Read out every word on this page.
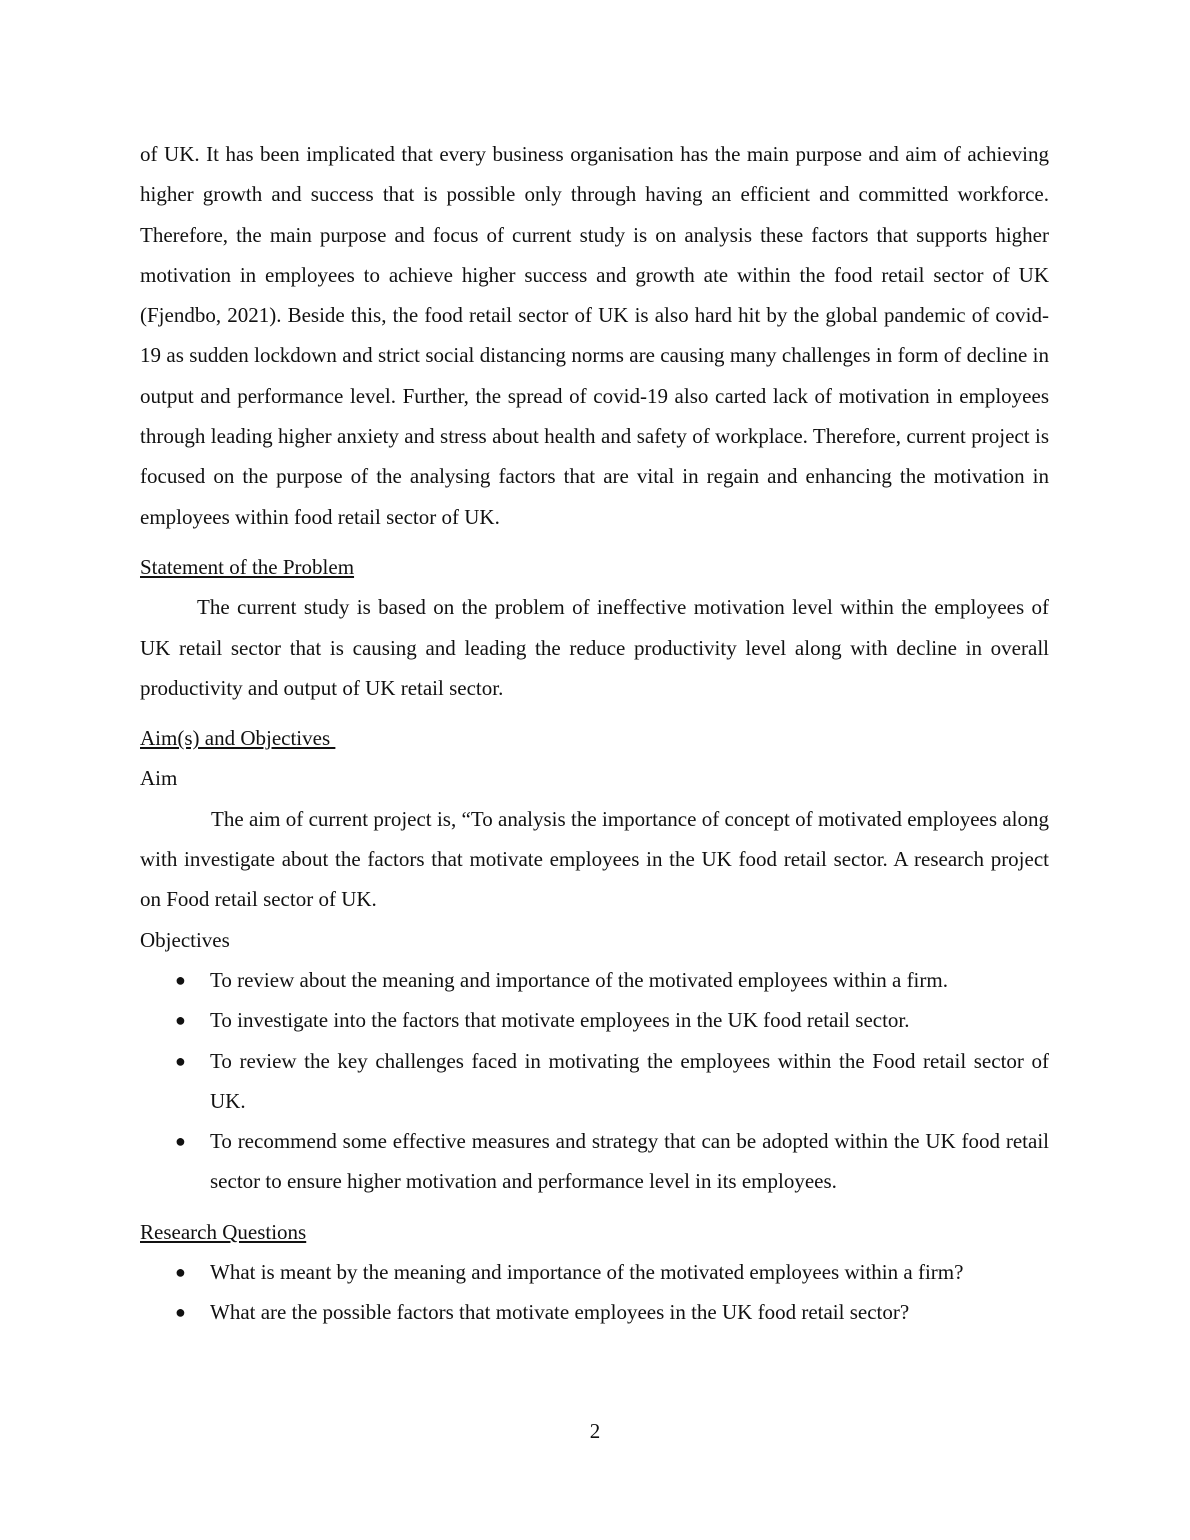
of UK. It has been implicated that every business organisation has the main purpose and aim of achieving higher growth and success that is possible only through having an efficient and committed workforce. Therefore, the main purpose and focus of current study is on analysis these factors that supports higher motivation in employees to achieve higher success and growth ate within the food retail sector of UK (Fjendbo, 2021). Beside this, the food retail sector of UK is also hard hit by the global pandemic of covid-19 as sudden lockdown and strict social distancing norms are causing many challenges in form of decline in output and performance level. Further, the spread of covid-19 also carted lack of motivation in employees through leading higher anxiety and stress about health and safety of workplace. Therefore, current project is focused on the purpose of the analysing factors that are vital in regain and enhancing the motivation in employees within food retail sector of UK.

Statement of the Problem

The current study is based on the problem of ineffective motivation level within the employees of UK retail sector that is causing and leading the reduce productivity level along with decline in overall productivity and output of UK retail sector.

Aim(s) and Objectives

Aim

The aim of current project is, “To analysis the importance of concept of motivated employees along with investigate about the factors that motivate employees in the UK food retail sector. A research project on Food retail sector of UK.

Objectives

●	To review about the meaning and importance of the motivated employees within a firm.
●	To investigate into the factors that motivate employees in the UK food retail sector.
●	To review the key challenges faced in motivating the employees within the Food retail sector of UK.
●	To recommend some effective measures and strategy that can be adopted within the UK food retail sector to ensure higher motivation and performance level in its employees.

Research Questions

●	What is meant by the meaning and importance of the motivated employees within a firm?
●	What are the possible factors that motivate employees in the UK food retail sector?
2
